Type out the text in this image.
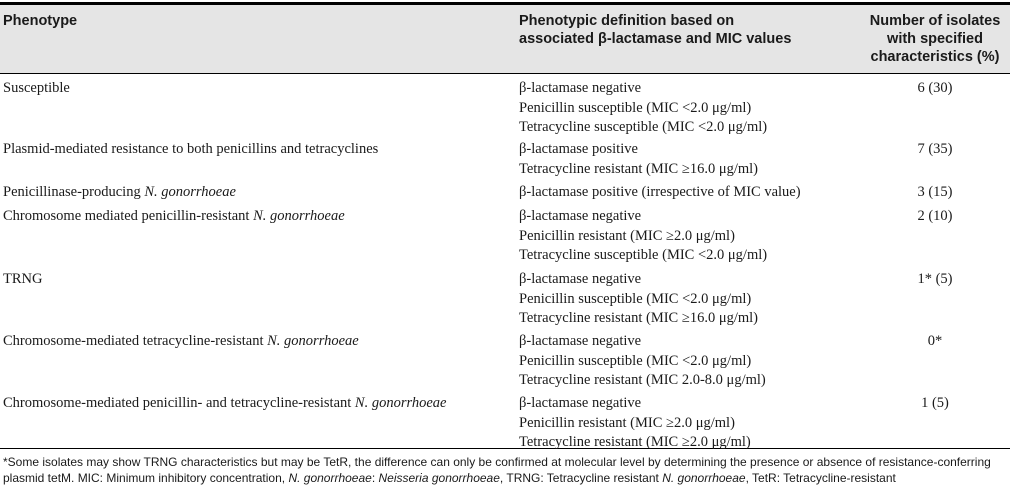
Phenotype	Phenotypic definition based on
associated β-lactamase and MIC values
Number of isolates
with specified
characteristics (%)
Susceptible	β-lactamase negative
Penicillin susceptible (MIC <2.0 μg/ml)
Tetracycline susceptible (MIC <2.0 μg/ml)
6 (30)
Plasmid-mediated resistance to both penicillins and tetracyclines	β-lactamase positive
Tetracycline resistant (MIC ≥16.0 μg/ml)
7 (35)
Penicillinase-producing N. gonorrhoeae	β-lactamase positive (irrespective of MIC value)	3 (15)
Chromosome mediated penicillin-resistant N. gonorrhoeae	β-lactamase negative
Penicillin resistant (MIC ≥2.0 μg/ml)
Tetracycline susceptible (MIC <2.0 μg/ml)
2 (10)
TRNG	β-lactamase negative
Penicillin susceptible (MIC <2.0 μg/ml)
Tetracycline resistant (MIC ≥16.0 μg/ml)
1* (5)
Chromosome-mediated tetracycline-resistant N. gonorrhoeae	β-lactamase negative
Penicillin susceptible (MIC <2.0 μg/ml)
Tetracycline resistant (MIC 2.0-8.0 μg/ml)
0*
Chromosome-mediated penicillin- and tetracycline-resistant N. gonorrhoeae	β-lactamase negative
Penicillin resistant (MIC ≥2.0 μg/ml)
Tetracycline resistant (MIC ≥2.0 μg/ml)
1 (5)
*Some isolates may show TRNG characteristics but may be TetR, the difference can only be confirmed at molecular level by determining the presence or absence of resistance-conferring plasmid tetM. MIC: Minimum inhibitory concentration, N. gonorrhoeae: Neisseria gonorrhoeae, TRNG: Tetracycline resistant N. gonorrhoeae, TetR: Tetracycline-resistant
